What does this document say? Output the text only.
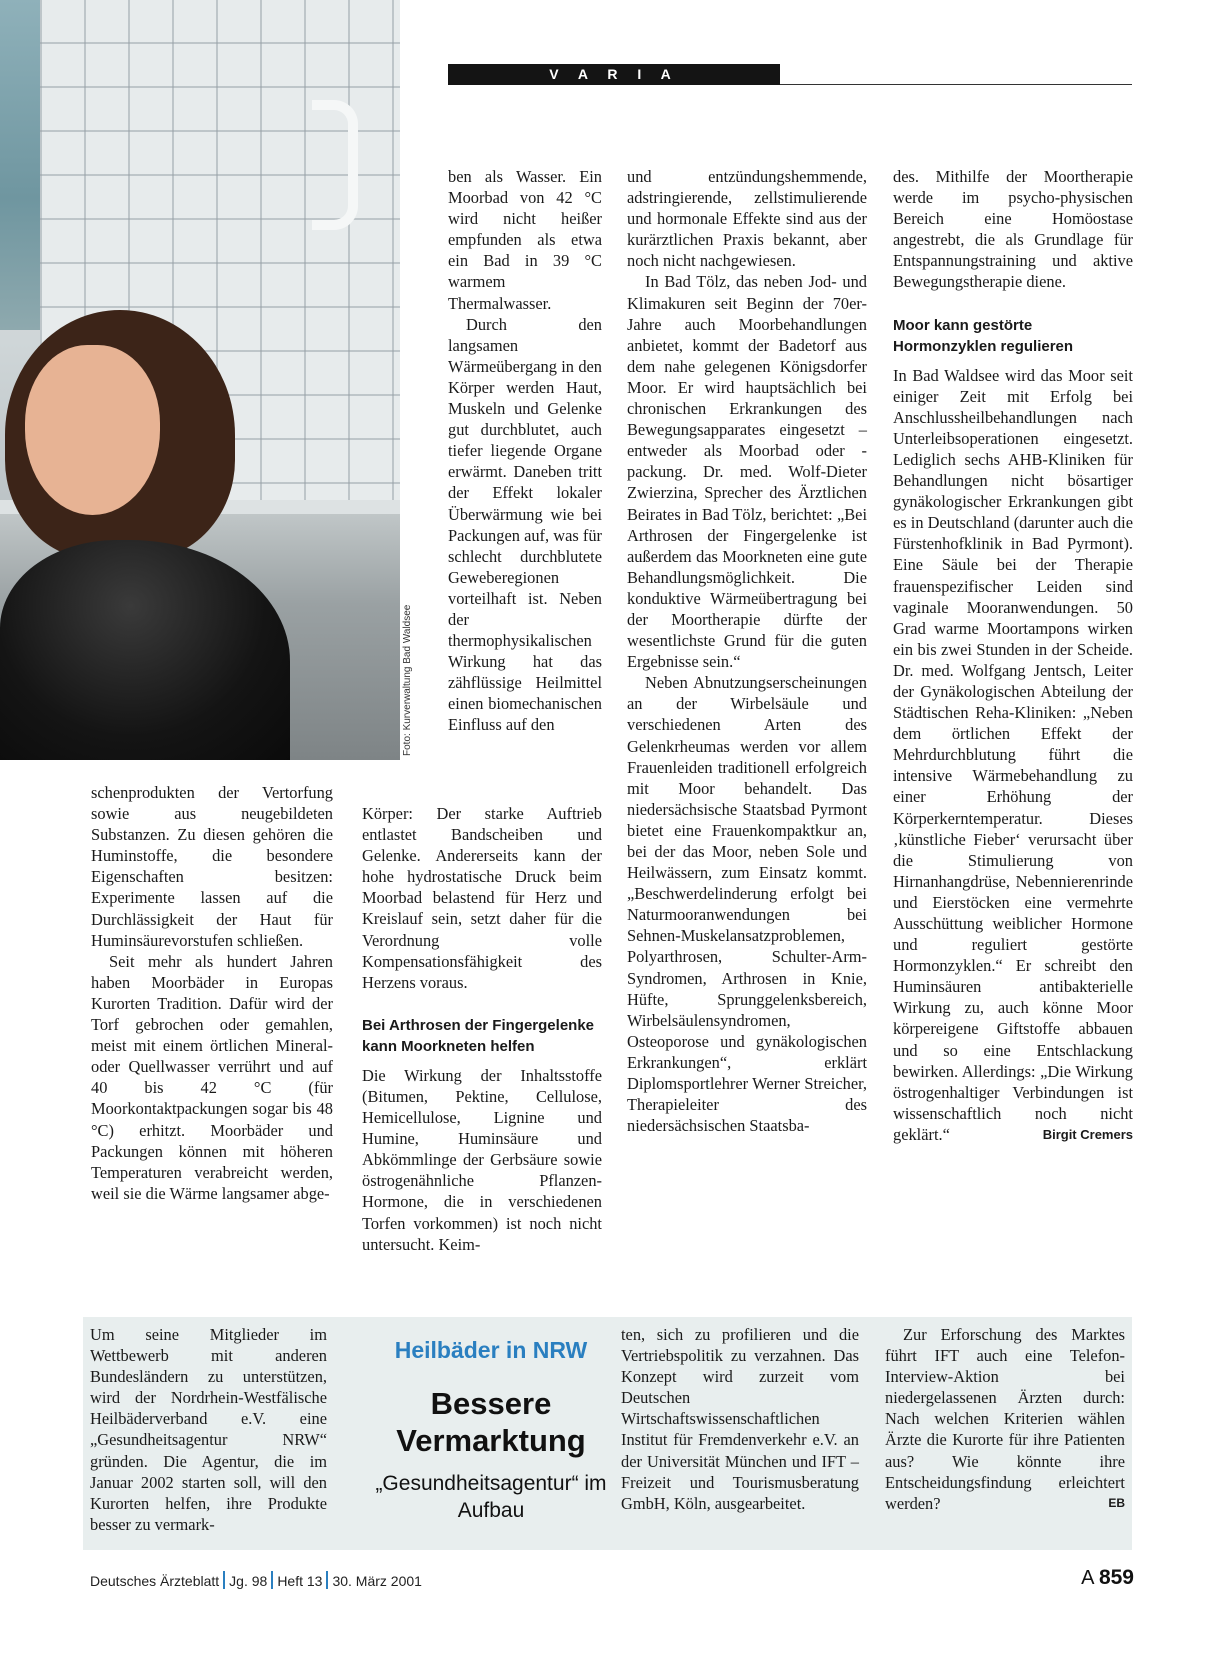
Foto: Kurverwaltung Bad Waldsee
V A R I A

schenprodukten der Vertorfung sowie aus neugebildeten Substanzen. Zu diesen gehören die Huminstoffe, die besondere Eigenschaften besitzen: Experimente lassen auf die Durchlässigkeit der Haut für Huminsäurevorstufen schließen.

Seit mehr als hundert Jahren haben Moorbäder in Europas Kurorten Tradition. Dafür wird der Torf gebrochen oder gemahlen, meist mit einem örtlichen Mineral- oder Quellwasser verrührt und auf 40 bis 42 °C (für Moorkontaktpackungen sogar bis 48 °C) erhitzt. Moorbäder und Packungen können mit höheren Temperaturen verabreicht werden, weil sie die Wärme langsamer abge-

ben als Wasser. Ein Moorbad von 42 °C wird nicht heißer empfunden als etwa ein Bad in 39 °C warmem Thermalwasser.

Durch den langsamen Wärmeübergang in den Körper werden Haut, Muskeln und Gelenke gut durchblutet, auch tiefer liegende Organe erwärmt. Daneben tritt der Effekt lokaler Überwärmung wie bei Packungen auf, was für schlecht durchblutete Geweberegionen vorteilhaft ist. Neben der thermophysikalischen Wirkung hat das zähflüssige Heilmittel einen biomechanischen Einfluss auf den

Körper: Der starke Auftrieb entlastet Bandscheiben und Gelenke. Andererseits kann der hohe hydrostatische Druck beim Moorbad belastend für Herz und Kreislauf sein, setzt daher für die Verordnung volle Kompensationsfähigkeit des Herzens voraus.

Bei Arthrosen der Fingergelenke kann Moorkneten helfen

Die Wirkung der Inhaltsstoffe (Bitumen, Pektine, Cellulose, Hemicellulose, Lignine und Humine, Huminsäure und Abkömmlinge der Gerbsäure sowie östrogenähnliche Pflanzen-Hormone, die in verschiedenen Torfen vorkommen) ist noch nicht untersucht. Keim-

und entzündungshemmende, adstringierende, zellstimulierende und hormonale Effekte sind aus der kurärztlichen Praxis bekannt, aber noch nicht nachgewiesen.

In Bad Tölz, das neben Jod- und Klimakuren seit Beginn der 70er-Jahre auch Moorbehandlungen anbietet, kommt der Badetorf aus dem nahe gelegenen Königsdorfer Moor. Er wird hauptsächlich bei chronischen Erkrankungen des Bewegungsapparates eingesetzt – entweder als Moorbad oder -packung. Dr. med. Wolf-Dieter Zwierzina, Sprecher des Ärztlichen Beirates in Bad Tölz, berichtet: „Bei Arthrosen der Fingergelenke ist außerdem das Moorkneten eine gute Behandlungsmöglichkeit. Die konduktive Wärmeübertragung bei der Moortherapie dürfte der wesentlichste Grund für die guten Ergebnisse sein.“

Neben Abnutzungserscheinungen an der Wirbelsäule und verschiedenen Arten des Gelenkrheumas werden vor allem Frauenleiden traditionell erfolgreich mit Moor behandelt. Das niedersächsische Staatsbad Pyrmont bietet eine Frauenkompaktkur an, bei der das Moor, neben Sole und Heilwässern, zum Einsatz kommt. „Beschwerdelinderung erfolgt bei Naturmooranwendungen bei Sehnen-Muskelansatzproblemen, Polyarthrosen, Schulter-Arm-Syndromen, Arthrosen in Knie, Hüfte, Sprunggelenksbereich, Wirbelsäulensyndromen, Osteoporose und gynäkologischen Erkrankungen“, erklärt Diplomsportlehrer Werner Streicher, Therapieleiter des niedersächsischen Staatsba-

des. Mithilfe der Moortherapie werde im psycho-physischen Bereich eine Homöostase angestrebt, die als Grundlage für Entspannungstraining und aktive Bewegungstherapie diene.

Moor kann gestörte Hormonzyklen regulieren

In Bad Waldsee wird das Moor seit einiger Zeit mit Erfolg bei Anschlussheilbehandlungen nach Unterleibsoperationen eingesetzt. Lediglich sechs AHB-Kliniken für Behandlungen nicht bösartiger gynäkologischer Erkrankungen gibt es in Deutschland (darunter auch die Fürstenhofklinik in Bad Pyrmont). Eine Säule bei der Therapie frauenspezifischer Leiden sind vaginale Mooranwendungen. 50 Grad warme Moortampons wirken ein bis zwei Stunden in der Scheide. Dr. med. Wolfgang Jentsch, Leiter der Gynäkologischen Abteilung der Städtischen Reha-Kliniken: „Neben dem örtlichen Effekt der Mehrdurchblutung führt die intensive Wärmebehandlung zu einer Erhöhung der Körperkerntemperatur. Dieses ‚künstliche Fieber‘ verursacht über die Stimulierung von Hirnanhangdrüse, Nebennierenrinde und Eierstöcken eine vermehrte Ausschüttung weiblicher Hormone und reguliert gestörte Hormonzyklen.“ Er schreibt den Huminsäuren antibakterielle Wirkung zu, auch könne Moor körpereigene Giftstoffe abbauen und so eine Entschlackung bewirken. Allerdings: „Die Wirkung östrogenhaltiger Verbindungen ist wissenschaftlich noch nicht geklärt.“	Birgit Cremers

Um seine Mitglieder im Wettbewerb mit anderen Bundesländern zu unterstützen, wird der Nordrhein-Westfälische Heilbäderverband e.V. eine „Gesundheitsagentur NRW“ gründen. Die Agentur, die im Januar 2002 starten soll, will den Kurorten helfen, ihre Produkte besser zu vermark-
Heilbäder in NRW
Bessere Vermarktung
„Gesundheitsagentur“ im Aufbau
ten, sich zu profilieren und die Vertriebspolitik zu verzahnen. Das Konzept wird zurzeit vom Deutschen Wirtschaftswissenschaftlichen Institut für Fremdenverkehr e.V. an der Universität München und IFT – Freizeit und Tourismusberatung GmbH, Köln, ausgearbeitet.
Zur Erforschung des Marktes führt IFT auch eine Telefon-Interview-Aktion bei niedergelassenen Ärzten durch: Nach welchen Kriterien wählen Ärzte die Kurorte für ihre Patienten aus? Wie könnte ihre Entscheidungsfindung erleichtert werden?	EB
Deutsches Ärzteblatt Jg. 98 Heft 13 30. März 2001	A 859
